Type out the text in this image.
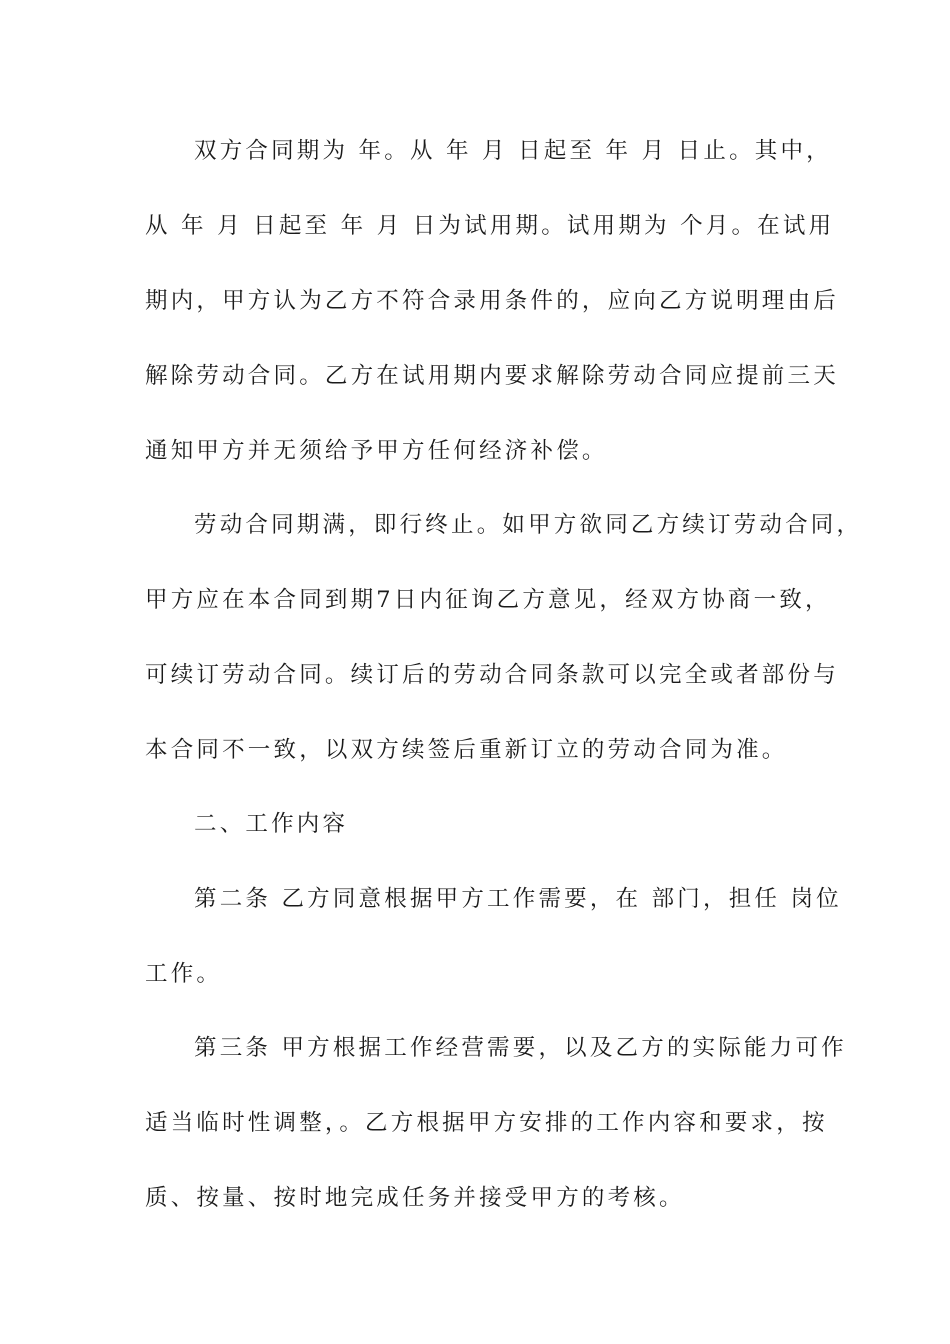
双方合同期为 年。从 年 月 日起至 年 月 日止。其中，
从 年 月 日起至 年 月 日为试用期。试用期为 个月。在试用
期内，甲方认为乙方不符合录用条件的，应向乙方说明理由后
解除劳动合同。乙方在试用期内要求解除劳动合同应提前三天
通知甲方并无须给予甲方任何经济补偿。
劳动合同期满，即行终止。如甲方欲同乙方续订劳动合同，
甲方应在本合同到期7日内征询乙方意见，经双方协商一致，
可续订劳动合同。续订后的劳动合同条款可以完全或者部份与
本合同不一致，以双方续签后重新订立的劳动合同为准。
二、工作内容
第二条 乙方同意根据甲方工作需要，在 部门，担任 岗位
工作。
第三条 甲方根据工作经营需要，以及乙方的实际能力可作
适当临时性调整，。乙方根据甲方安排的工作内容和要求，按
质、按量、按时地完成任务并接受甲方的考核。
